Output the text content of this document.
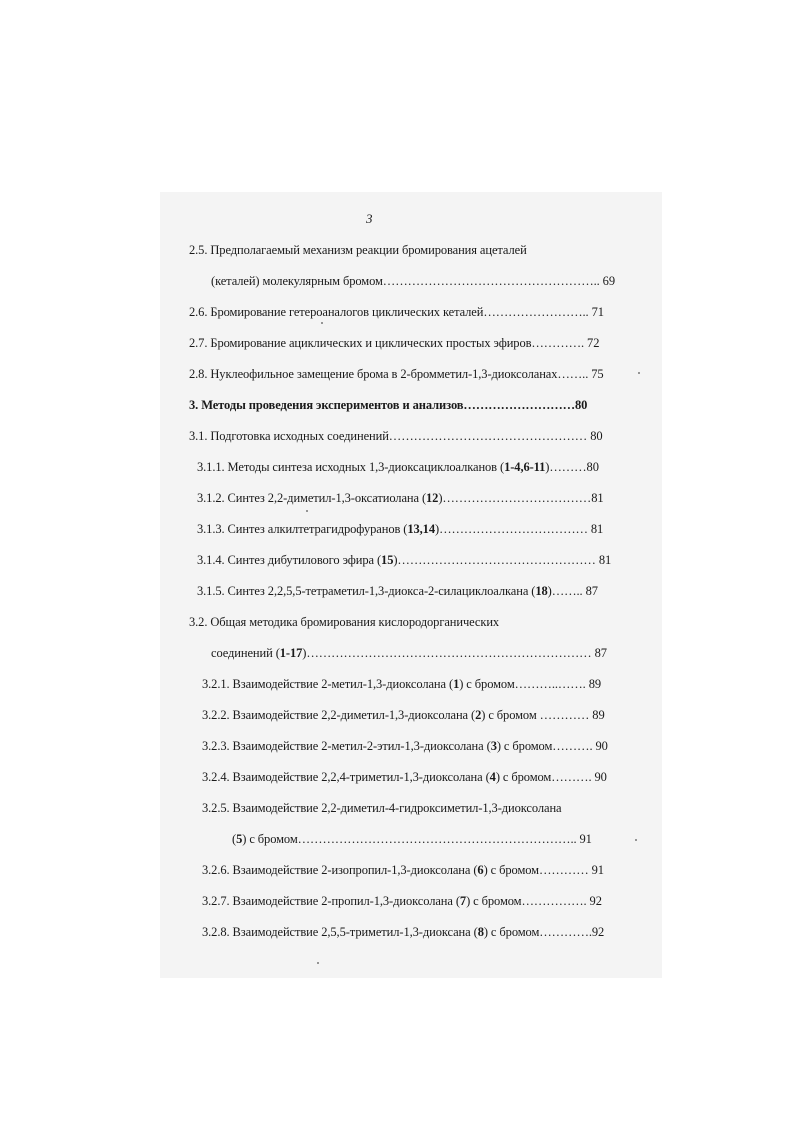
3
2.5. Предполагаемый механизм реакции бромирования ацеталей
(кеталей) молекулярным бромом…………………………………………….. 69
2.6. Бромирование гетероаналогов циклических кеталей…………………….. 71
2.7. Бромирование ациклических и циклических простых эфиров…………. 72
2.8. Нуклеофильное замещение брома в 2-бромметил-1,3-диоксоланах…….. 75
3. Методы проведения экспериментов и анализов………………………80
3.1. Подготовка исходных соединений………………………………………… 80
3.1.1. Методы синтеза исходных 1,3-диоксациклоалканов (1-4,6-11)………80
3.1.2. Синтез 2,2-диметил-1,3-оксатиолана (12)………………………………81
3.1.3. Синтез алкилтетрагидрофуранов (13,14)……………………………… 81
3.1.4. Синтез дибутилового эфира (15)………………………………………… 81
3.1.5. Синтез 2,2,5,5-тетраметил-1,3-диокса-2-силациклоалкана (18)…….. 87
3.2. Общая методика бромирования кислородорганических
соединений (1-17)…………………………………………………………… 87
3.2.1. Взаимодействие 2-метил-1,3-диоксолана (1) с бромом………..……. 89
3.2.2. Взаимодействие 2,2-диметил-1,3-диоксолана (2) с бромом ………… 89
3.2.3. Взаимодействие 2-метил-2-этил-1,3-диоксолана (3) с бромом………. 90
3.2.4. Взаимодействие 2,2,4-триметил-1,3-диоксолана (4) с бромом………. 90
3.2.5. Взаимодействие 2,2-диметил-4-гидроксиметил-1,3-диоксолана
(5) с бромом………………………………………………………….. 91
3.2.6. Взаимодействие 2-изопропил-1,3-диоксолана (6) с бромом………… 91
3.2.7. Взаимодействие 2-пропил-1,3-диоксолана (7) с бромом……………. 92
3.2.8. Взаимодействие 2,5,5-триметил-1,3-диоксана (8) с бромом………….92
